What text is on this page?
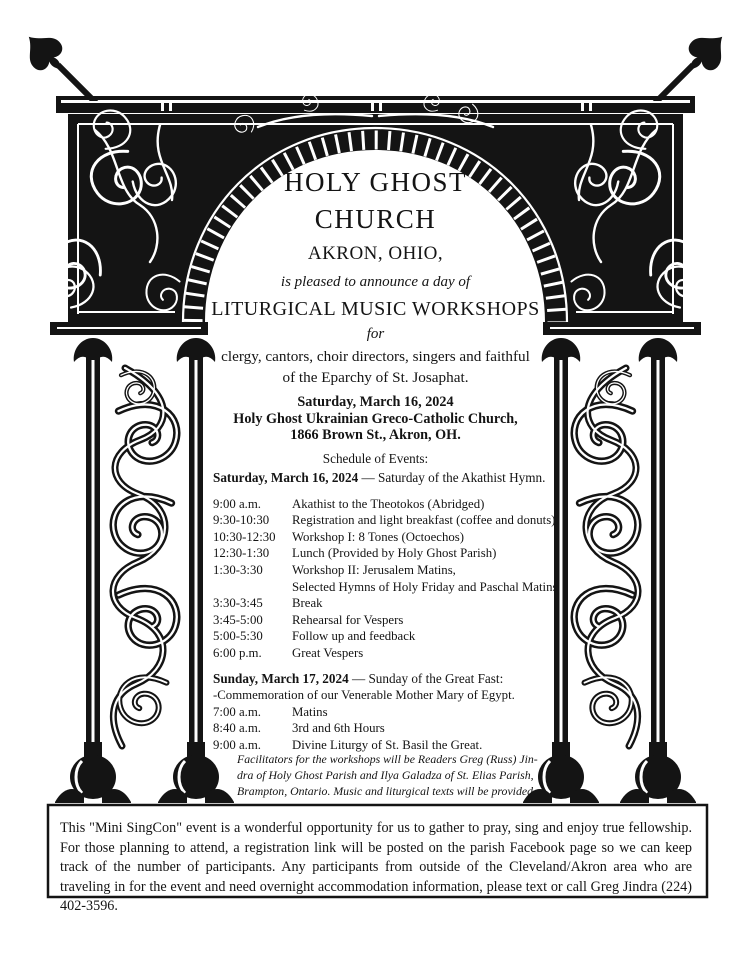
HOLY GHOST
CHURCH
AKRON, OHIO,
is pleased to announce a day of
LITURGICAL MUSIC WORKSHOPS
for
clergy, cantors, choir directors, singers and faithful
of the Eparchy of St. Josaphat.
Saturday, March 16, 2024
Holy Ghost Ukrainian Greco-Catholic Church,
1866 Brown St., Akron, OH.
Schedule of Events:
Saturday, March 16, 2024 — Saturday of the Akathist Hymn.
9:00 a.m. Akathist to the Theotokos (Abridged)
9:30-10:30 Registration and light breakfast (coffee and donuts)
10:30-12:30 Workshop I: 8 Tones (Octoechos)
12:30-1:30 Lunch (Provided by Holy Ghost Parish)
1:30-3:30 Workshop II: Jerusalem Matins,
Selected Hymns of Holy Friday and Paschal Matins
3:30-3:45 Break
3:45-5:00 Rehearsal for Vespers
5:00-5:30 Follow up and feedback
6:00 p.m. Great Vespers
Sunday, March 17, 2024 — Sunday of the Great Fast:
-Commemoration of our Venerable Mother Mary of Egypt.
7:00 a.m. Matins
8:40 a.m. 3rd and 6th Hours
9:00 a.m. Divine Liturgy of St. Basil the Great.
Facilitators for the workshops will be Readers Greg (Russ) Jin-
dra of Holy Ghost Parish and Ilya Galadza of St. Elias Parish,
Brampton, Ontario. Music and liturgical texts will be provided.
This "Mini SingCon" event is a wonderful opportunity for us to gather to pray, sing and enjoy true fellowship. For those planning to attend, a registration link will be posted on the parish Facebook page so we can keep track of the number of participants. Any participants from outside of the Cleveland/Akron area who are traveling in for the event and need overnight accommodation information, please text or call Greg Jindra (224) 402-3596.
